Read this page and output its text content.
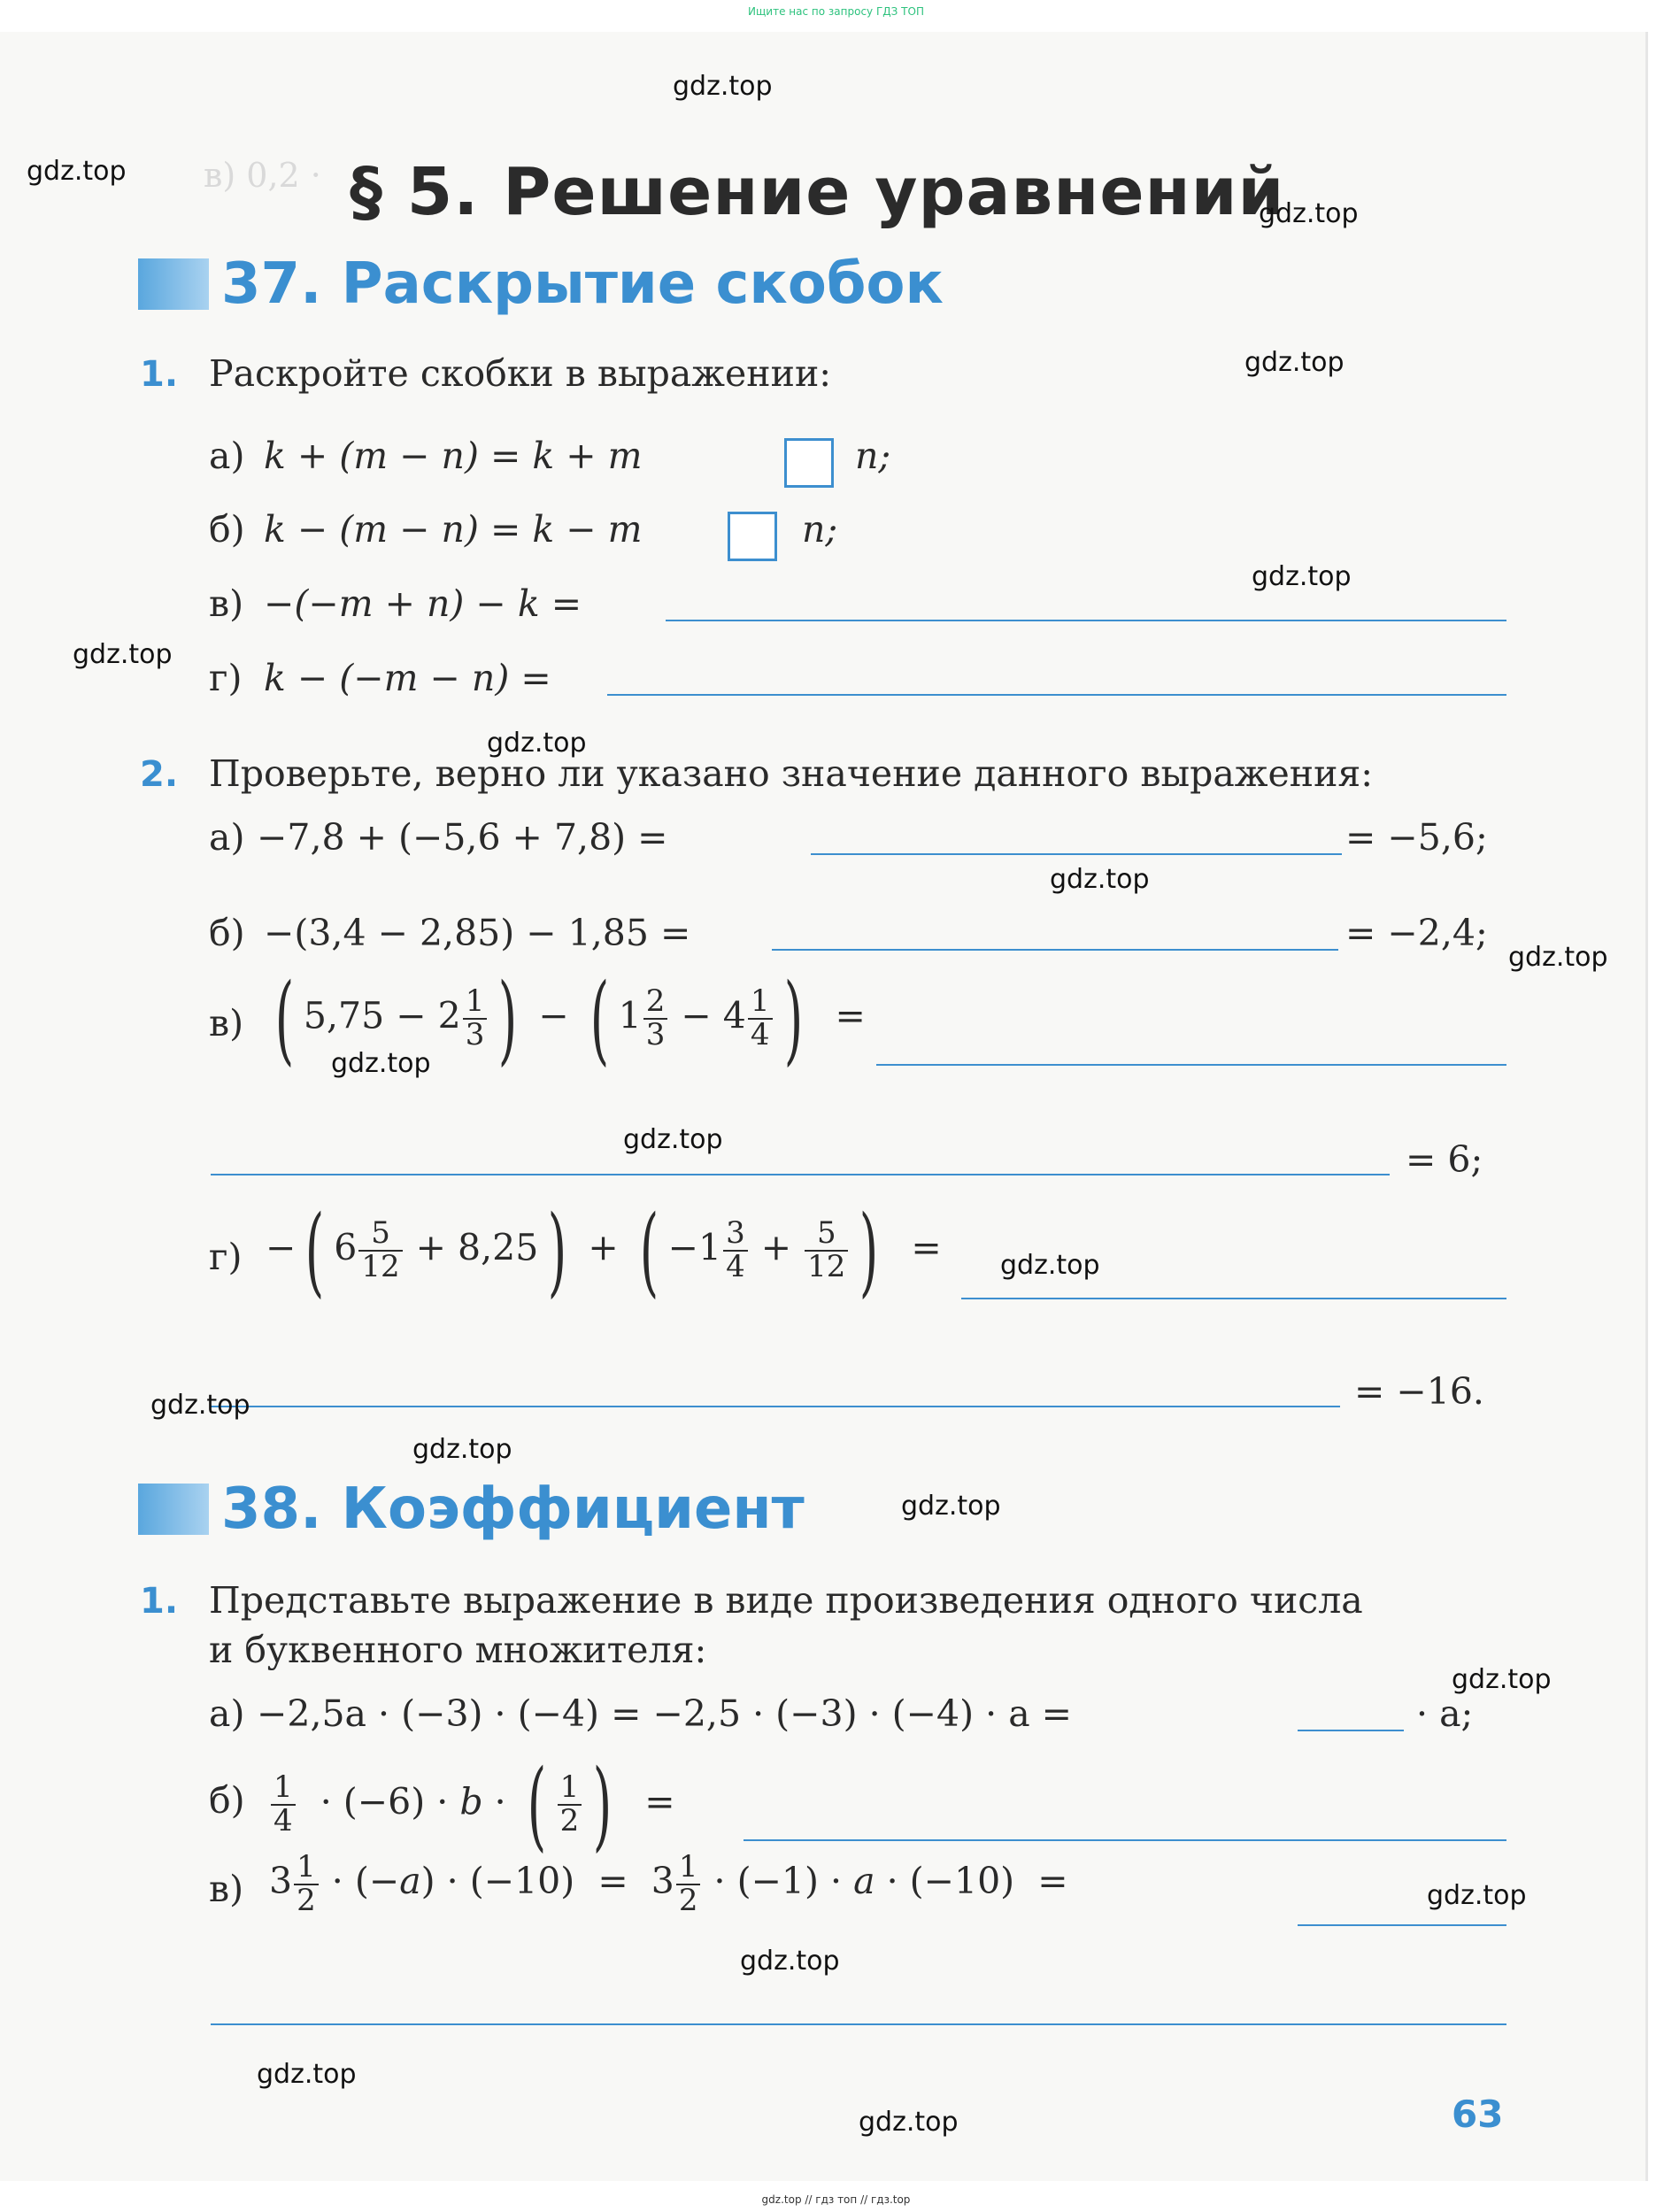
Ищите нас по запросу ГДЗ ТОП
в) 0,2 · § 5. Решение уравнений
37. Раскрытие скобок
1. Раскройте скобки в выражении:
а) k + (m − n) = k + m	n;
б) k − (m − n) = k − m	n;
в) −(−m + n) − k =
г) k − (−m − n) =
2. Проверьте, верно ли указано значение данного выражения:
а) −7,8 + (−5,6 + 7,8) =	= −5,6;
б) −(3,4 − 2,85) − 1,85 =	= −2,4;
в) ( $5,75 - 2 \frac{1}{3}$ ) − ( $1 \frac{2}{3} - 4 \frac{1}{4}$ )  =
= 6;
г) −( $6 \frac{5}{12} + 8,25$) + ( $-1 \frac{3}{4} + \frac{5}{12}$ )  =
= −16.
38. Коэффициент
1. Представьте выражение в виде произведения одного числа
и буквенного множителя:
а) −2,5a · (−3) · (−4) = −2,5 · (−3) · (−4) · a =	· a;
$б) \frac{1}{4} \cdot (-6) \cdot b$ · ( $\frac{1}{2}$ )  =
в) $3 \frac{1}{2} \cdot (-a) \cdot (-10) = 3 \frac{1}{2} \cdot (-1) \cdot a \cdot (-10)$  =
63
gdz.top
gdz.top
gdz.top
gdz.top
gdz.top
gdz.top
gdz.top
gdz.top
gdz.top
gdz.top
gdz.top
gdz.top
gdz.top
gdz.top
gdz.top
gdz.top
gdz.top
gdz.top
gdz.top
gdz.top
gdz.top // гдз топ // гдз.top
